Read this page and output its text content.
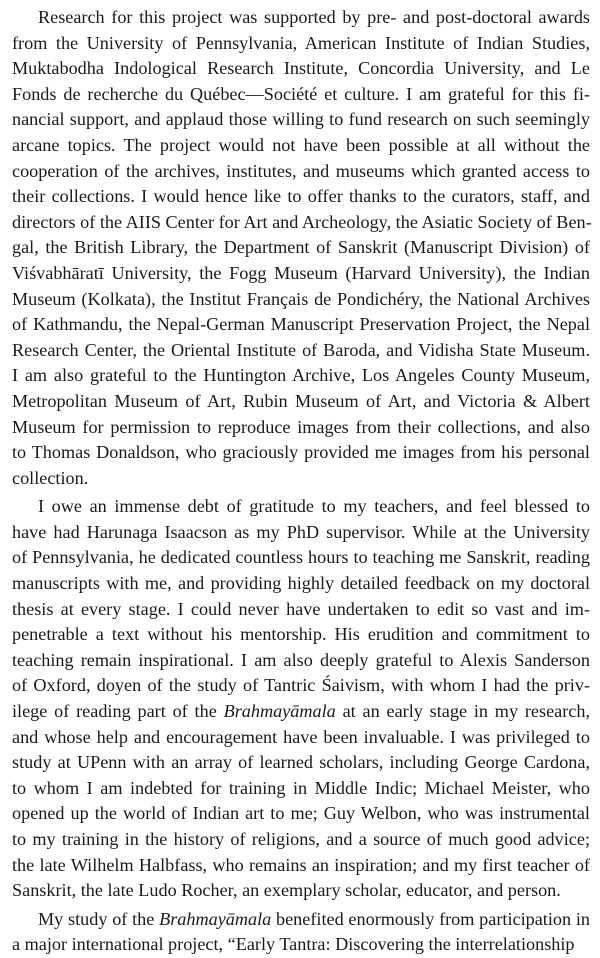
Research for this project was supported by pre- and post-doctoral awards
from the University of Pennsylvania, American Institute of Indian Studies,
Muktabodha Indological Research Institute, Concordia University, and Le
Fonds de recherche du Québec—Société et culture. I am grateful for this fi-
nancial support, and applaud those willing to fund research on such seemingly
arcane topics. The project would not have been possible at all without the
cooperation of the archives, institutes, and museums which granted access to
their collections. I would hence like to offer thanks to the curators, staff, and
directors of the AIIS Center for Art and Archeology, the Asiatic Society of Ben-
gal, the British Library, the Department of Sanskrit (Manuscript Division) of
Viśvabhāratī University, the Fogg Museum (Harvard University), the Indian
Museum (Kolkata), the Institut Français de Pondichéry, the National Archives
of Kathmandu, the Nepal-German Manuscript Preservation Project, the Nepal
Research Center, the Oriental Institute of Baroda, and Vidisha State Museum.
I am also grateful to the Huntington Archive, Los Angeles County Museum,
Metropolitan Museum of Art, Rubin Museum of Art, and Victoria & Albert
Museum for permission to reproduce images from their collections, and also
to Thomas Donaldson, who graciously provided me images from his personal
collection.
I owe an immense debt of gratitude to my teachers, and feel blessed to
have had Harunaga Isaacson as my PhD supervisor. While at the University
of Pennsylvania, he dedicated countless hours to teaching me Sanskrit, reading
manuscripts with me, and providing highly detailed feedback on my doctoral
thesis at every stage. I could never have undertaken to edit so vast and im-
penetrable a text without his mentorship. His erudition and commitment to
teaching remain inspirational. I am also deeply grateful to Alexis Sanderson
of Oxford, doyen of the study of Tantric Śaivism, with whom I had the priv-
ilege of reading part of the Brahmayāmala at an early stage in my research,
and whose help and encouragement have been invaluable. I was privileged to
study at UPenn with an array of learned scholars, including George Cardona,
to whom I am indebted for training in Middle Indic; Michael Meister, who
opened up the world of Indian art to me; Guy Welbon, who was instrumental
to my training in the history of religions, and a source of much good advice;
the late Wilhelm Halbfass, who remains an inspiration; and my first teacher of
Sanskrit, the late Ludo Rocher, an exemplary scholar, educator, and person.
My study of the Brahmayāmala benefited enormously from participation in
a major international project, “Early Tantra: Discovering the interrelationship
